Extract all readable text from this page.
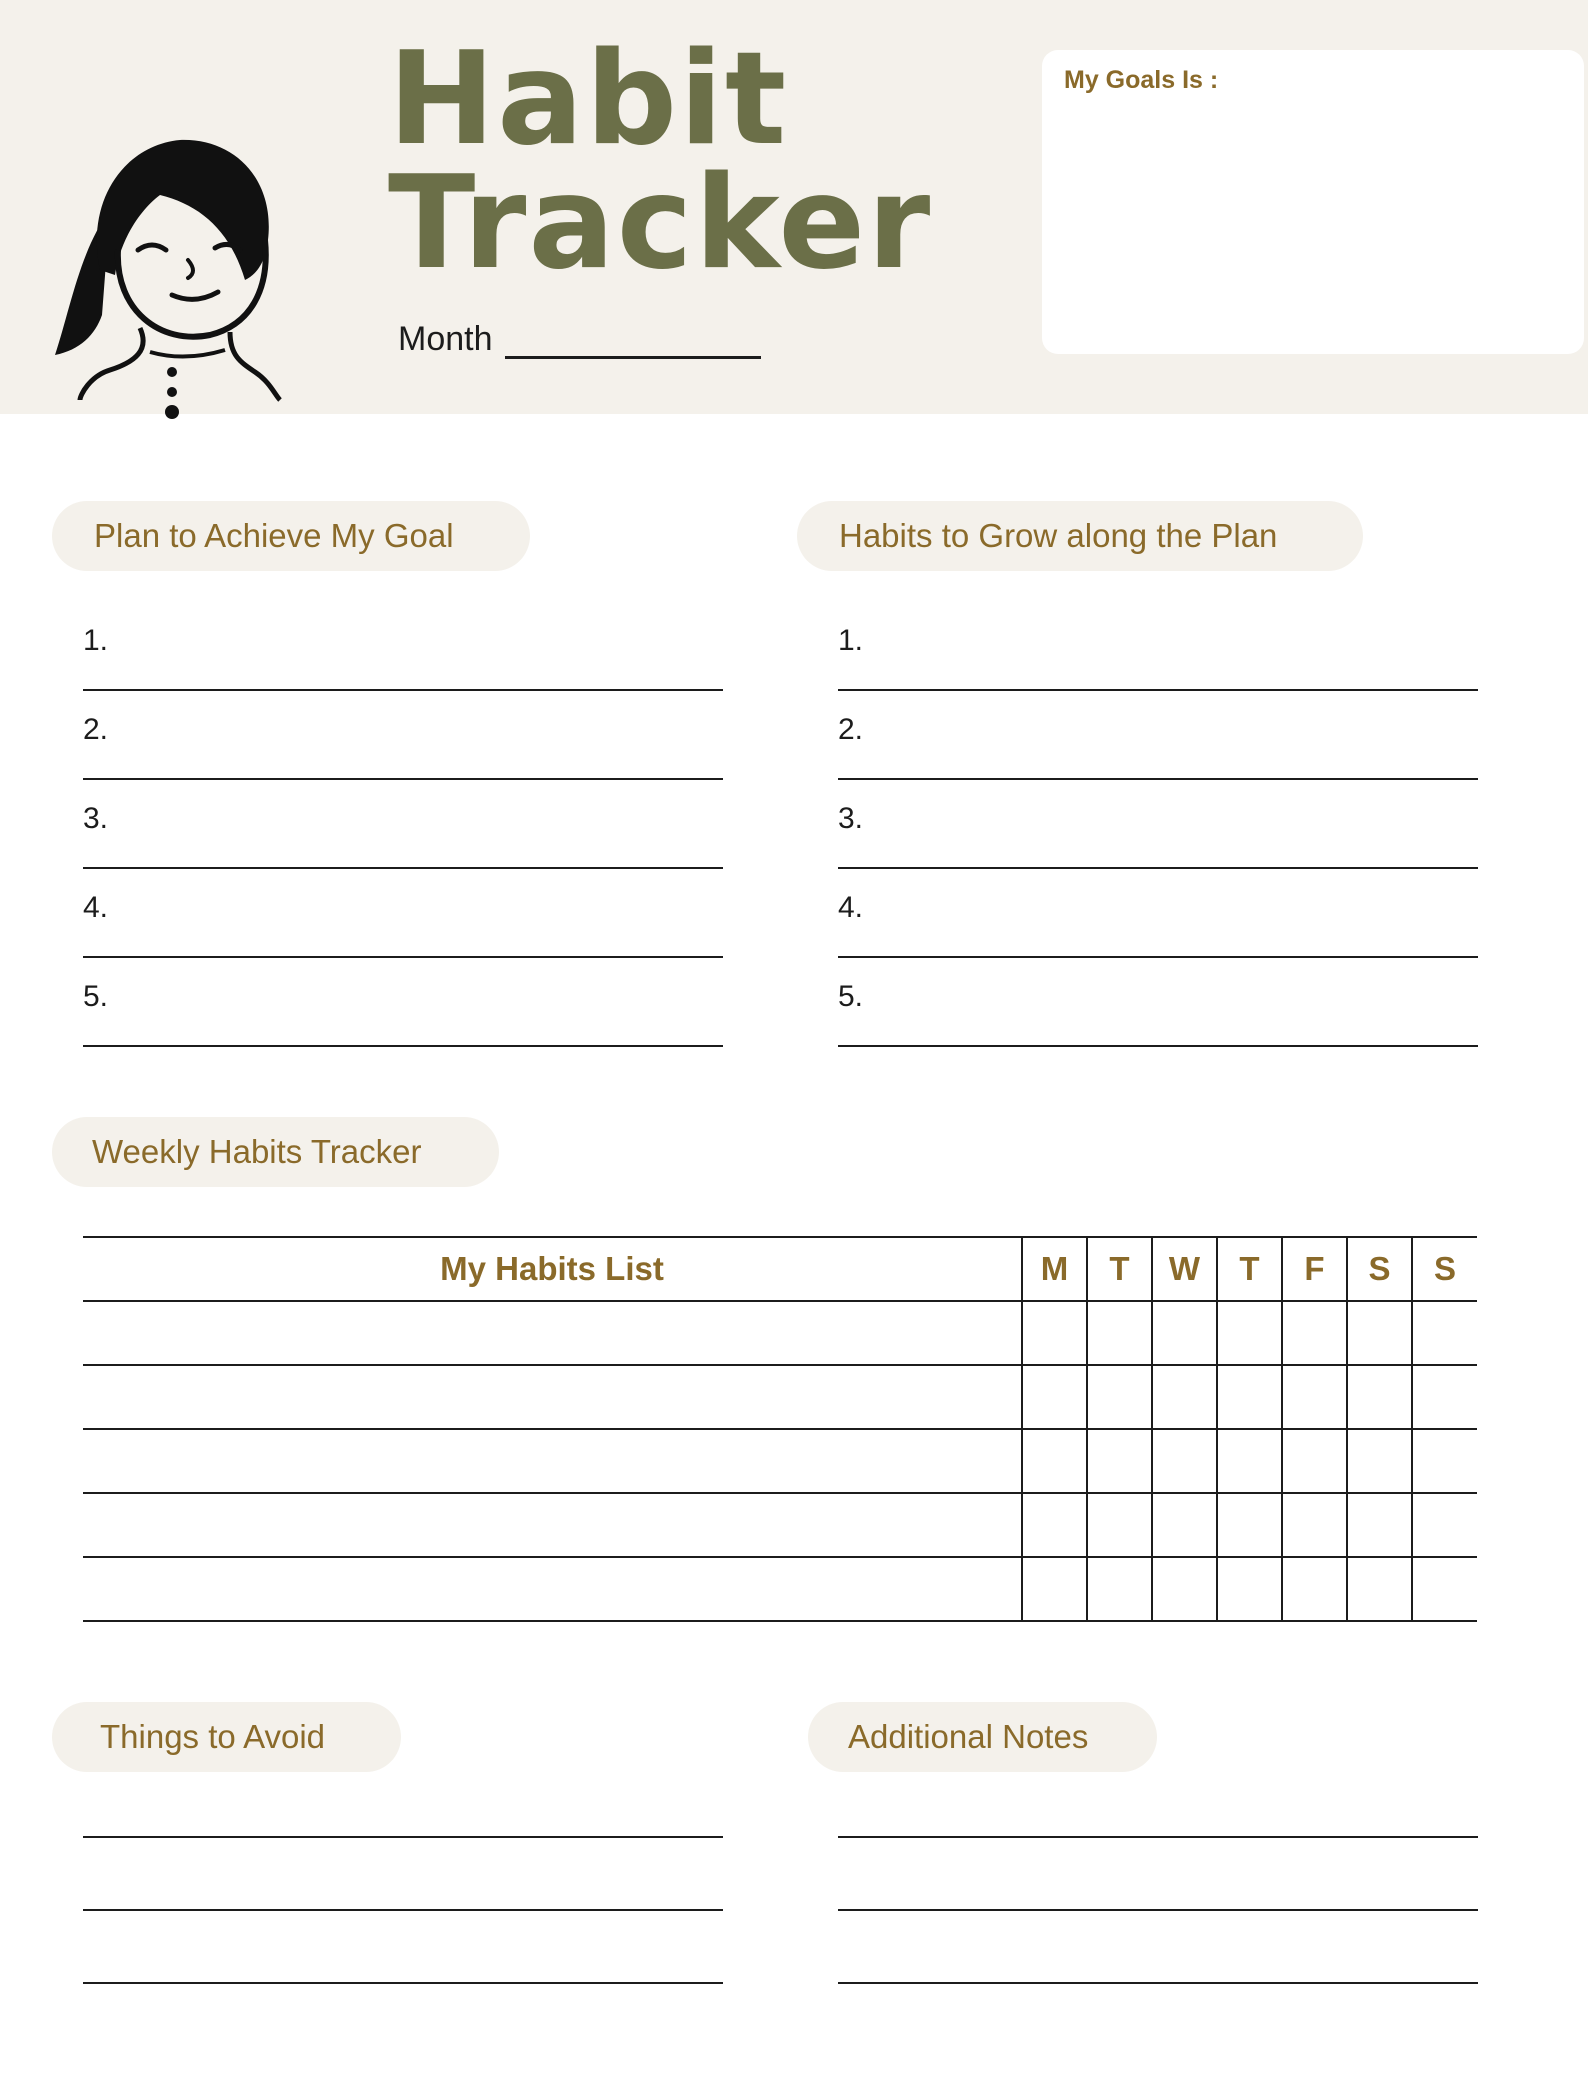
Habit
Tracker
Month
My Goals Is :
Plan to Achieve My Goal	Habits to Grow along the Plan
1.
2.
3.
4.
5.
1.
2.
3.
4.
5.
Weekly Habits Tracker
My Habits List	M	T	W	T	F	S	S

Things to Avoid	Additional Notes
